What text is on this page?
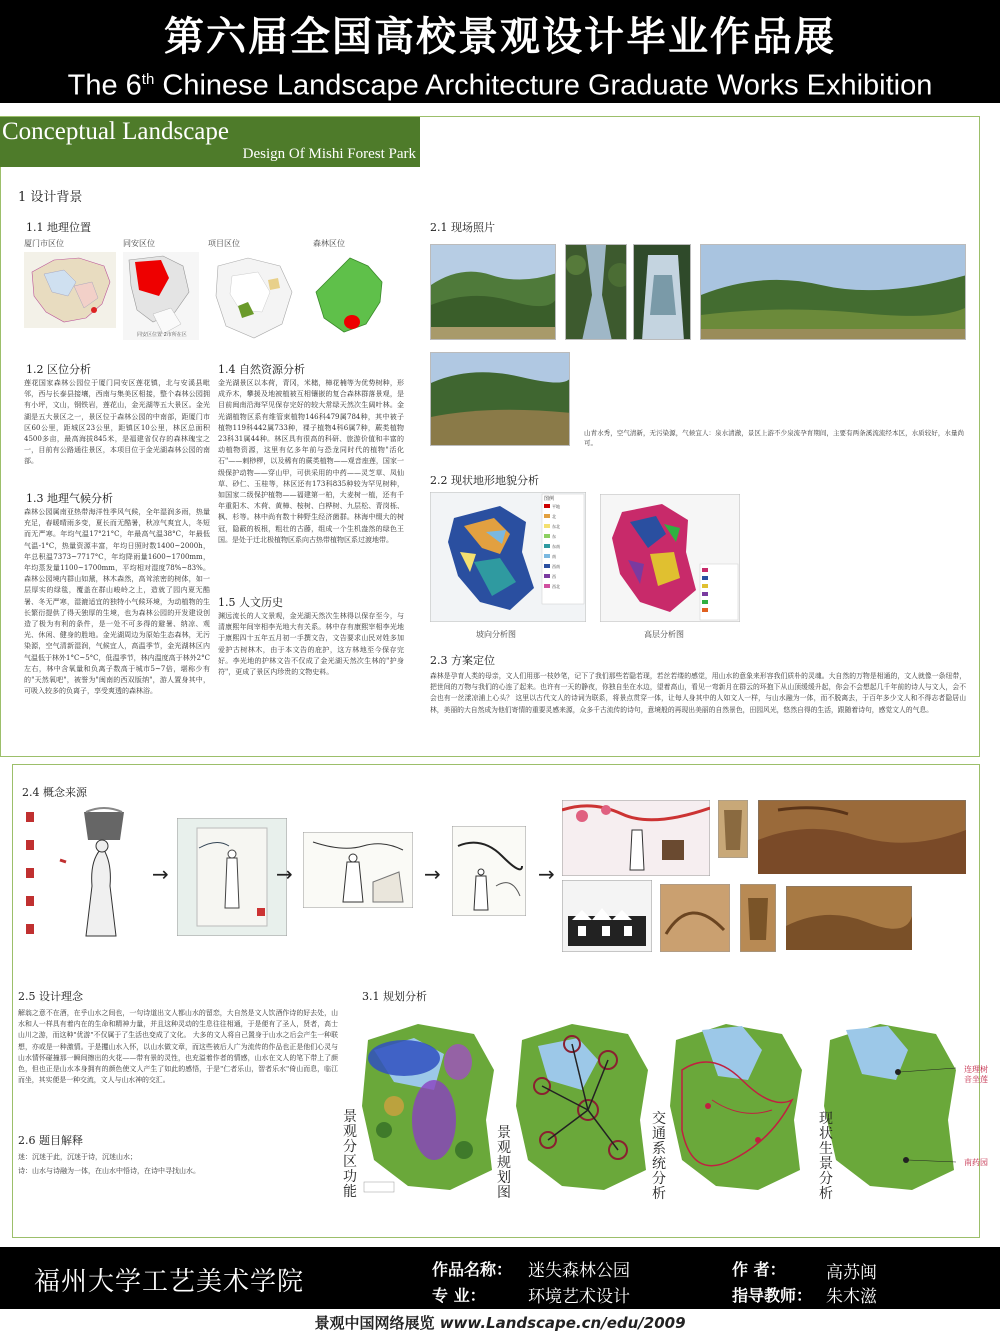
第六届全国高校景观设计毕业作品展
The 6th Chinese Landscape Architecture Graduate Works Exhibition
Conceptual Landscape
Design Of Mishi Forest Park
1 设计背景
1.1 地理位置
厦门市区位	同安区位	项目区位	森林区位
同安区位置 2市所在区
1.2 区位分析
莲花国家森林公园位于厦门同安区莲花镇，北与安溪县毗邻，西与长泰县接壤，西南与集美区相接，整个森林公园拥有小坪，文山，钢铁岩，莲花山，金光湖等五大景区。金光湖是五大景区之一，景区位于森林公园的中南部，距厦门市区60公里，距城区23公里，距镇区10公里，林区总面积4500多亩，最高海拔845米，是福建省仅存的森林瑰宝之一，目前有公路通往景区，本项目位于金光湖森林公园的南部。
1.3 地理气候分析
森林公园属南亚热带海洋性季风气候，全年湿润多雨，热量充足，春暖晴雨多变，夏长而无酷暑，秋凉气爽宜人，冬短而无严寒。年均气温17°21°C，年最高气温38°C，年最低气温-1°C，热量资源丰富，年均日照时数1400~2000h，年总积温7373~7717°C，年均降雨量1600~1700mm，年均蒸发量1100~1700mm，平均相对湿度78%~83%。森林公园境内群山如黛，林木森然，高耸浓密的树体，如一层厚实的绿毯，覆盖在群山峻岭之上，造就了园内夏无酷暑、冬无严寒，湿漉适宜的独特小气候环境，为动植物的生长繁衍提供了得天独厚的生境，也为森林公园的开发建设创造了极为有利的条件，是一处不可多得的避暑、纳凉、观光、休闲、健身的胜地。金光湖周边为原始生态森林，无污染源，空气清新湿润，气候宜人，高温季节，金光湖林区内气温低于林外1°C~5°C，低温季节，林内温度高于林外2°C左右，林中含氧量和负离子数高于城市5~7倍，堪称少有的"天然氧吧"，被誉为"闽南的西双版纳"，游人置身其中，可吸入较多的负离子，享受爽透的森林浴。
1.4 自然资源分析
金光湖景区以本荷，青冈，米槠，樟花楠等为优势树种，形成乔木，攀援及地被植被互相镶嵌的复合森林群落景观，是目前闽南沿海罕见保存完好的较大常绿天然次生阔叶林。金光湖植物区系有维管束植物146科479属784种，其中被子植物119科442属733种，裸子植物4科6属7种，蕨类植物23科31属44种。林区具有很高的科研、旅游价值和丰富的动植物资源，这里有亿多年前与恐龙同时代的植物"活化石"——刺桫椤，以及稀有的蕨类植物——观音座莲，国家一级保护动物——穿山甲，可供采用的中药——灵芝草、凤仙草、砂仁、玉桂等，林区还有173科835种较为罕见树种，如国家二级保护植物——福建第一柏，大麦树一植，还有千年重阳木、木荷、黄樟、桉树、白桦树、九层松、青岗栎、枫、杉等。林中尚有数十种野生经济菌群。林海中缀大的树冠，隐蔽的板根，粗壮的古藤，组成一个生机盎然的绿色王国。是处于迁北极植物区系向古热带植物区系过渡地带。
1.5 人文历史
渊远流长的人文景观，金光湖天然次生林得以保存至今，与清康熙年间宰相李光地大有关系。林中存有康熙宰相李光地于康熙四十五年五月初一手撰文告，文告要求山民对姓多加爱护古树林木，由于本文告的庇护，这方林地至今保存完好。李光地的护林文告不仅成了金光湖天然次生林的"护身符"，更成了景区内珍贵的文物史料。
2.1 现场照片
山青水秀，空气清新，无污染源，气候宜人：泉水清澈，景区上游不少泉流孕育期间，主要有两条溪流流经本区，水质较好，水量尚可。
2.2 现状地形地貌分析
图例
平地
北
东北
东
东南
南
西南
西
西北
坡向分析图	高层分析图
2.3 方案定位
森林是孕育人类的母亲，文人们用那一枝妙笔，记下了我们那些若隐若现，若丝若缕的感觉，用山水的意象来形容我们质朴的灵魂。大自然的万物是相通的，文人就像一条纽带，把世间的万物与我们的心连了起来。也许有一天的静夜，你独自坐在水边，望着高山，看见一弯新月在群云的环抱下从山顶缓缓升起，你会不会想起几千年前的诗人与文人，会不会也有一丝漾凉浦上心头？ 这里以古代文人的诗词为联系，将景点贯穿一体，让每人身其中的人如文人一样，与山水融为一体，而不脱离去，于百年多少文人和不得志者隐居山林，美丽的大自然成为他们寄情的重要灵感来源，众多千古流传的诗句，意境般的再现出美丽的自然景色，田园风光，悠然自得的生活，跟随着诗句，感觉文人的气息。
2.4 概念来源
→	→	→	→
2.5 设计理念
解翁之意不在酒，在乎山水之间也，一句诗道出文人都山水的留恋，大自然是文人饮酒作诗的好去处，山水和人一样具有着内在的生命和精神力量，并且这种灵动的生息往往相通，于是便有了圣人，贤者，高士山川之游，而这种"优游"不仅属于了生活也变成了文化。 大多的文人将自己置身于山水之后会产生一种联想，亦或是一种激情。于是攫山水入怀，以山水做文章，而这些被后人广为流传的作品也正是他们心灵与山水情怀碰撞那一瞬间擦出的火花——带有景的灵性，也充溢着作者的情感，山水在文人的笔下带上了颜色，但也正是山水本身拥有的颜色使文人产生了如此的感悟，于是"仁者乐山，智者乐水"倚山而息，临江而坐，其实便是一种交流，文人与山水神的交汇。
2.6 题目解释
迷：沉迷于此，沉迷于诗，沉迷山水；
诗：山水与诗融为一体，在山水中悟诗，在诗中寻找山水。
3.1 规划分析
景观分区功能
景观规划图
交通系统分析
现状生景分析
连理树
音坐莲
南药园
福州大学工艺美术学院	作品名称： 迷失森林公园
专 业： 环境艺术设计
作 者： 高苏闽
指导教师： 朱木滋
景观中国网络展览 www.Landscape.cn/edu/2009
